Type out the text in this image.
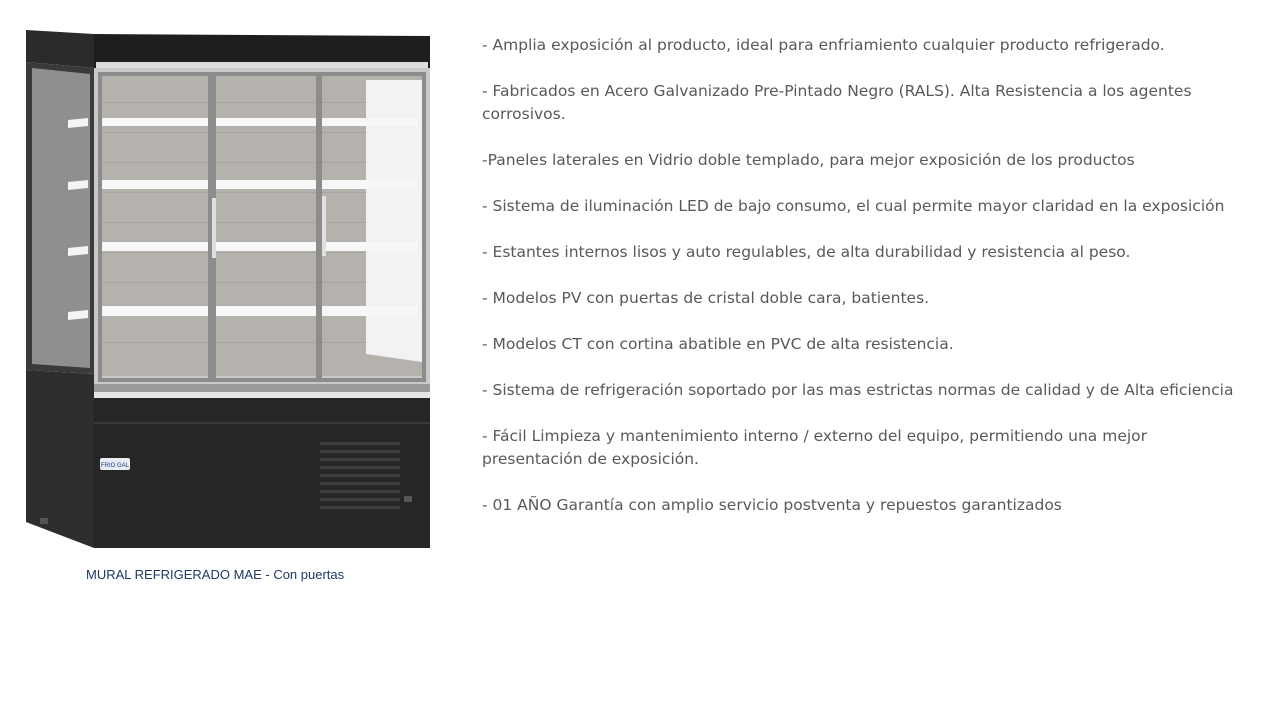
FRIO GAL
MURAL REFRIGERADO MAE - Con puertas
- Amplia exposición al producto, ideal para enfriamiento cualquier producto refrigerado.
- Fabricados en Acero Galvanizado Pre-Pintado Negro (RALS). Alta Resistencia a los agentes corrosivos.
-Paneles laterales en Vidrio doble templado, para mejor exposición de los productos
- Sistema de iluminación LED de bajo consumo, el cual permite mayor claridad en la exposición
- Estantes internos lisos y auto regulables, de alta durabilidad y resistencia al peso.
- Modelos PV con puertas de cristal doble cara, batientes.
- Modelos CT con cortina abatible en PVC de alta resistencia.
- Sistema de refrigeración soportado por las mas estrictas normas de calidad y de Alta eficiencia
- Fácil Limpieza y mantenimiento interno / externo del equipo, permitiendo una mejor presentación de exposición.
- 01 AÑO Garantía con amplio servicio postventa y repuestos garantizados
